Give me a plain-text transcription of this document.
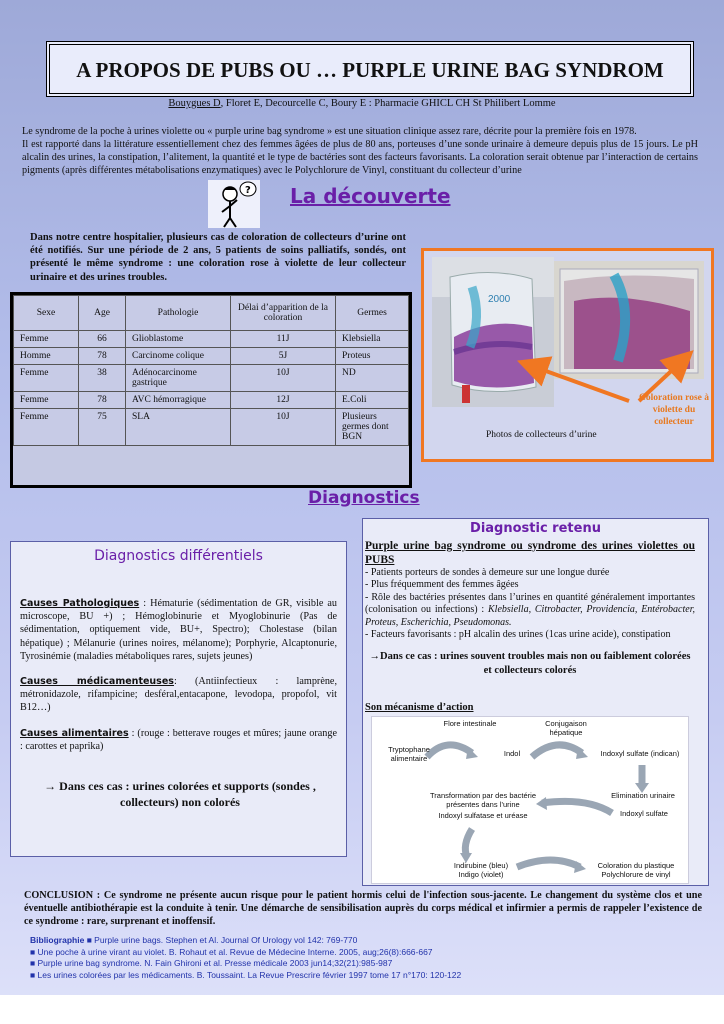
A PROPOS DE PUBS OU … PURPLE URINE BAG SYNDROM
Bouygues D, Floret E, Decourcelle C, Boury E : Pharmacie GHICL CH St Philibert Lomme

Le syndrome de la poche à urines violette ou « purple urine bag syndrome » est une situation clinique assez rare, décrite pour la première fois en 1978.

Il est rapporté dans la littérature essentiellement chez des femmes âgées de plus de 80 ans, porteuses d’une sonde urinaire à demeure depuis plus de 15 jours. Le pH alcalin des urines, la constipation, l’alitement, la quantité et le type de bactéries sont des facteurs favorisants. La coloration serait obtenue par l’interaction de certains pigments (après différentes métabolisations enzymatiques) avec le Polychlorure de Vinyl, constituant du collecteur d’urine

? La découverte
Dans notre centre hospitalier, plusieurs cas de coloration de collecteurs d’urine ont été notifiés. Sur une période de 2 ans, 5 patients de soins palliatifs, sondés, ont présenté le même syndrome : une coloration rose à violette de leur collecteur urinaire et des urines troubles.
Sexe	Age	Pathologie	Délai d’apparition de la coloration	Germes
Femme	66	Glioblastome	11J	Klebsiella
Homme	78	Carcinome colique	5J	Proteus
Femme	38	Adénocarcinome gastrique	10J	ND
Femme	78	AVC hémorragique	12J	E.Coli
Femme	75	SLA	10J	Plusieurs germes dont BGN
2000
Coloration rose à violette du collecteur
Photos de collecteurs d’urine
Diagnostics
Diagnostics différentiels

Causes Pathologiques : Hématurie (sédimentation de GR, visible au microscope, BU +) ; Hémoglobinurie et Myoglobinurie (Pas de sédimentation, optiquement vide, BU+, Spectro); Cholestase (bilan hépatique) ; Mélanurie (urines noires, mélanome); Porphyrie, Alcaptonurie, Tyrosinémie (maladies métaboliques rares, sujets jeunes)

Causes médicamenteuses: (Antiinfectieux : lamprène, métronidazole, rifampicine; desféral,entacapone, levodopa, propofol, vit B12…)

Causes alimentaires : (rouge : betterave rouges et mûres; jaune orange : carottes et paprika)

→ Dans ces cas : urines colorées et supports (sondes , collecteurs) non colorés
Diagnostic retenu
Purple urine bag syndrome ou syndrome des urines violettes ou PUBS

- Patients porteurs de sondes à demeure sur une longue durée

- Plus fréquemment des femmes âgées

- Rôle des bactéries présentes dans l’urines en quantité généralement importantes (colonisation ou infections) : Klebsiella, Citrobacter, Providencia, Entérobacter, Proteus, Escherichia, Pseudomonas.

- Facteurs favorisants : pH alcalin des urines (1cas urine acide), constipation

→Dans ce cas : urines souvent troubles mais non ou faiblement colorées et collecteurs colorés

Son mécanisme d’action
Flore intestinale	Conjugaison hépatique
Tryptophane alimentaire
Indol	Indoxyl sulfate (indican)
Transformation par des bactérie présentes dans l’urine
Indoxyl sulfatase et uréase
Elimination urinaire
Indoxyl sulfate
Indirubine (bleu) Indigo (violet)
Coloration du plastique Polychlorure de vinyl
CONCLUSION : Ce syndrome ne présente aucun risque pour le patient hormis celui de l'infection sous-jacente. Le changement du système clos et une éventuelle antibiothérapie est la conduite à tenir. Une démarche de sensibilisation auprès du corps médical et infirmier a permis de rappeler l’existence de ce syndrome : rare, surprenant et inoffensif.
Bibliographie ■ Purple urine bags. Stephen et Al. Journal Of Urology vol 142: 769-770
■ Une poche à urine virant au violet. B. Rohaut et al. Revue de Médecine Interne. 2005, aug;26(8):666-667
■ Purple urine bag syndrome. N. Fain Ghironi et al. Presse médicale 2003 jun14;32(21):985-987
■ Les urines colorées par les médicaments. B. Toussaint. La Revue Prescrire février 1997 tome 17 n°170: 120-122
